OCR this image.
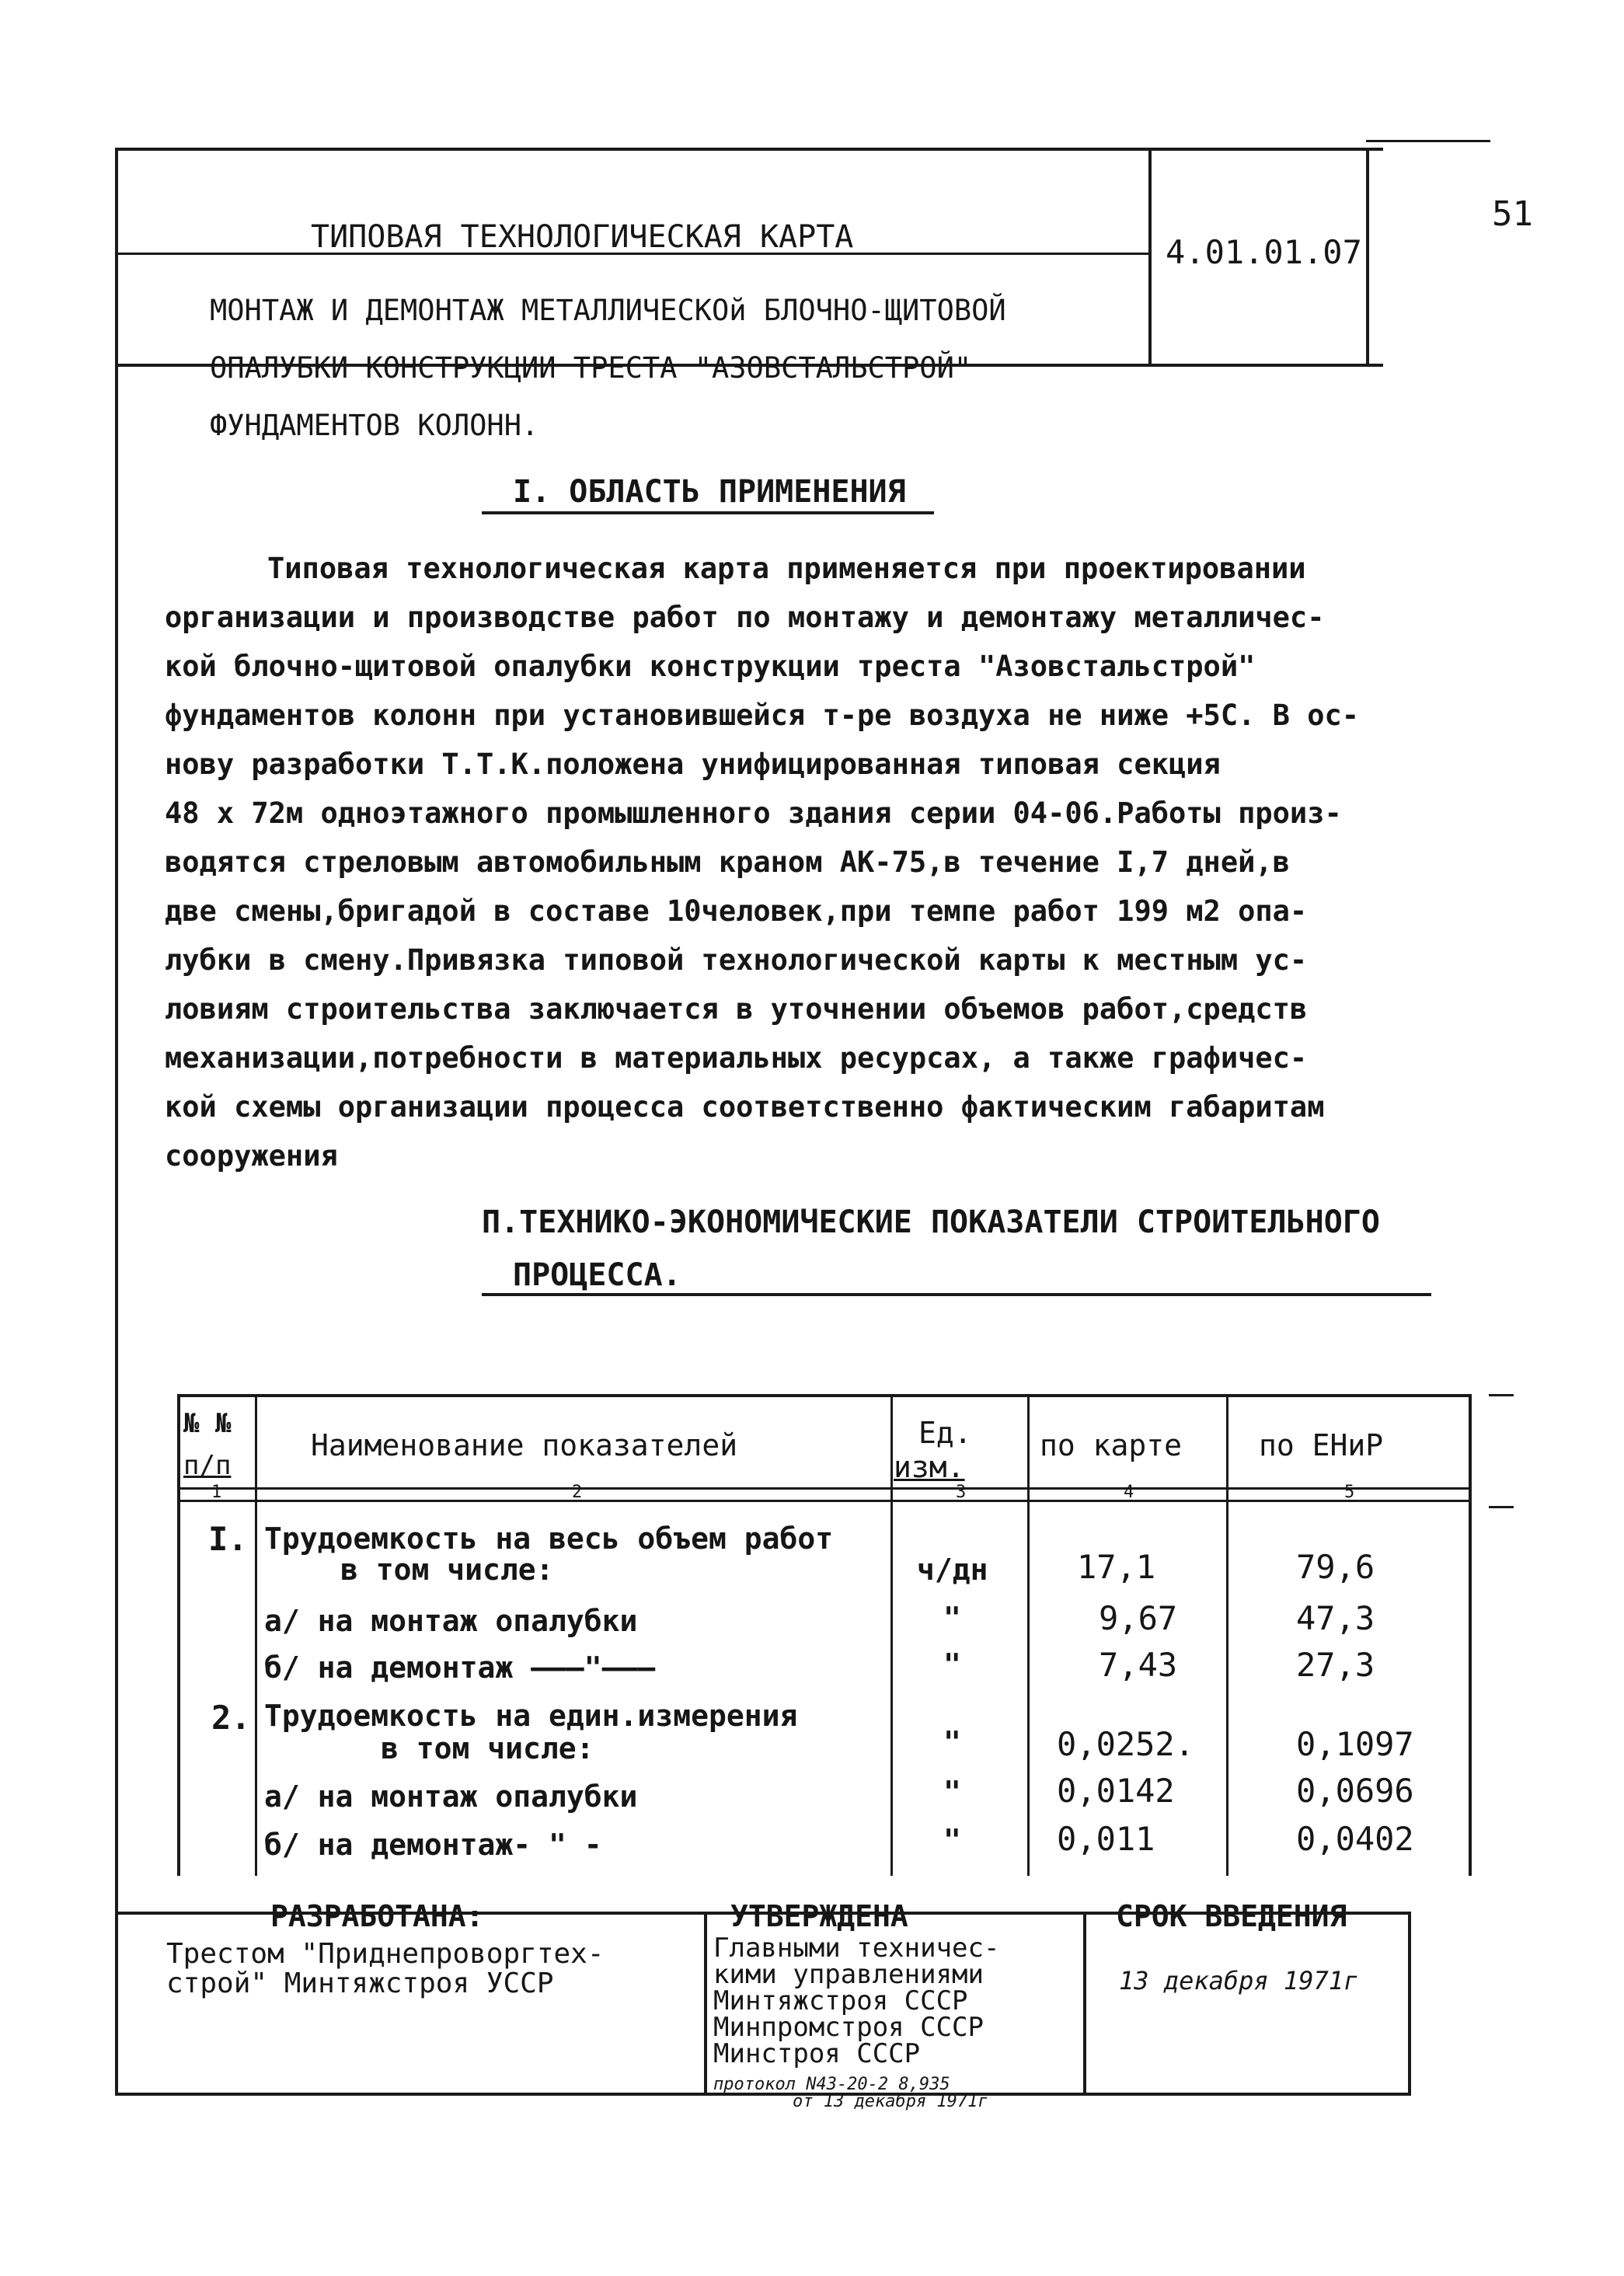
51
ТИПОВАЯ ТЕХНОЛОГИЧЕСКАЯ КАРТА

МОНТАЖ И ДЕМОНТАЖ МЕТАЛЛИЧЕСКОй БЛОЧНО-ЩИТОВОЙ

ОПАЛУБКИ КОНСТРУКЦИИ ТРЕСТА "АЗОВСТАЛЬСТРОЙ"

ФУНДАМЕНТОВ КОЛОНН.

4.01.01.07
I. ОБЛАСТЬ ПРИМЕНЕНИЯ

Типовая технологическая карта применяется при проектировании

организации и производстве работ по монтажу и демонтажу металличес-

кой блочно-щитовой опалубки конструкции треста "Азовстальстрой"

фундаментов колонн при установившейся т-ре воздуха не ниже +5С. В ос-

нову разработки Т.Т.К.положена унифицированная типовая секция

48 х 72м одноэтажного промышленного здания серии 04-06.Работы произ-

водятся стреловым автомобильным краном АК-75,в течение I,7 дней,в

две смены,бригадой в составе 10человек,при темпе работ 199 м2 опа-

лубки в смену.Привязка типовой технологической карты к местным ус-

ловиям строительства заключается в уточнении объемов работ,средств

механизации,потребности в материальных ресурсах, а также графичес-

кой схемы организации процесса соответственно фактическим габаритам

сооружения

П.ТЕХНИКО-ЭКОНОМИЧЕСКИЕ ПОКАЗАТЕЛИ СТРОИТЕЛЬНОГО
ПРОЦЕССА.
№ №
п/п
Наименование показателей	Ед.
изм.
по карте	по ЕНиР
1	2	3	4	5
I. Трудоемкость на весь объем работ
в том числе:	ч/дн	17,1	79,6
а/ на монтаж опалубки	"	9,67	47,3
б/ на демонтаж ———"———	"	7,43	27,3
2. Трудоемкость на един.измерения
в том числе:	"	0,0252.	0,1097
а/ на монтаж опалубки	"	0,0142	0,0696
б/ на демонтаж- " -	"	0,011	0,0402
РАЗРАБОТАНА:
Трестом "Приднепроворгтех-
строй" Минтяжстроя УССР
УТВЕРЖДЕНА
Главными техничес-
кими управлениями
Минтяжстроя СССР
Минпромстроя СССР
Минстроя СССР
протокол N43-20-2 8,935
от 13 декабря 1971г
СРОК ВВЕДЕНИЯ
13 декабря 1971г
